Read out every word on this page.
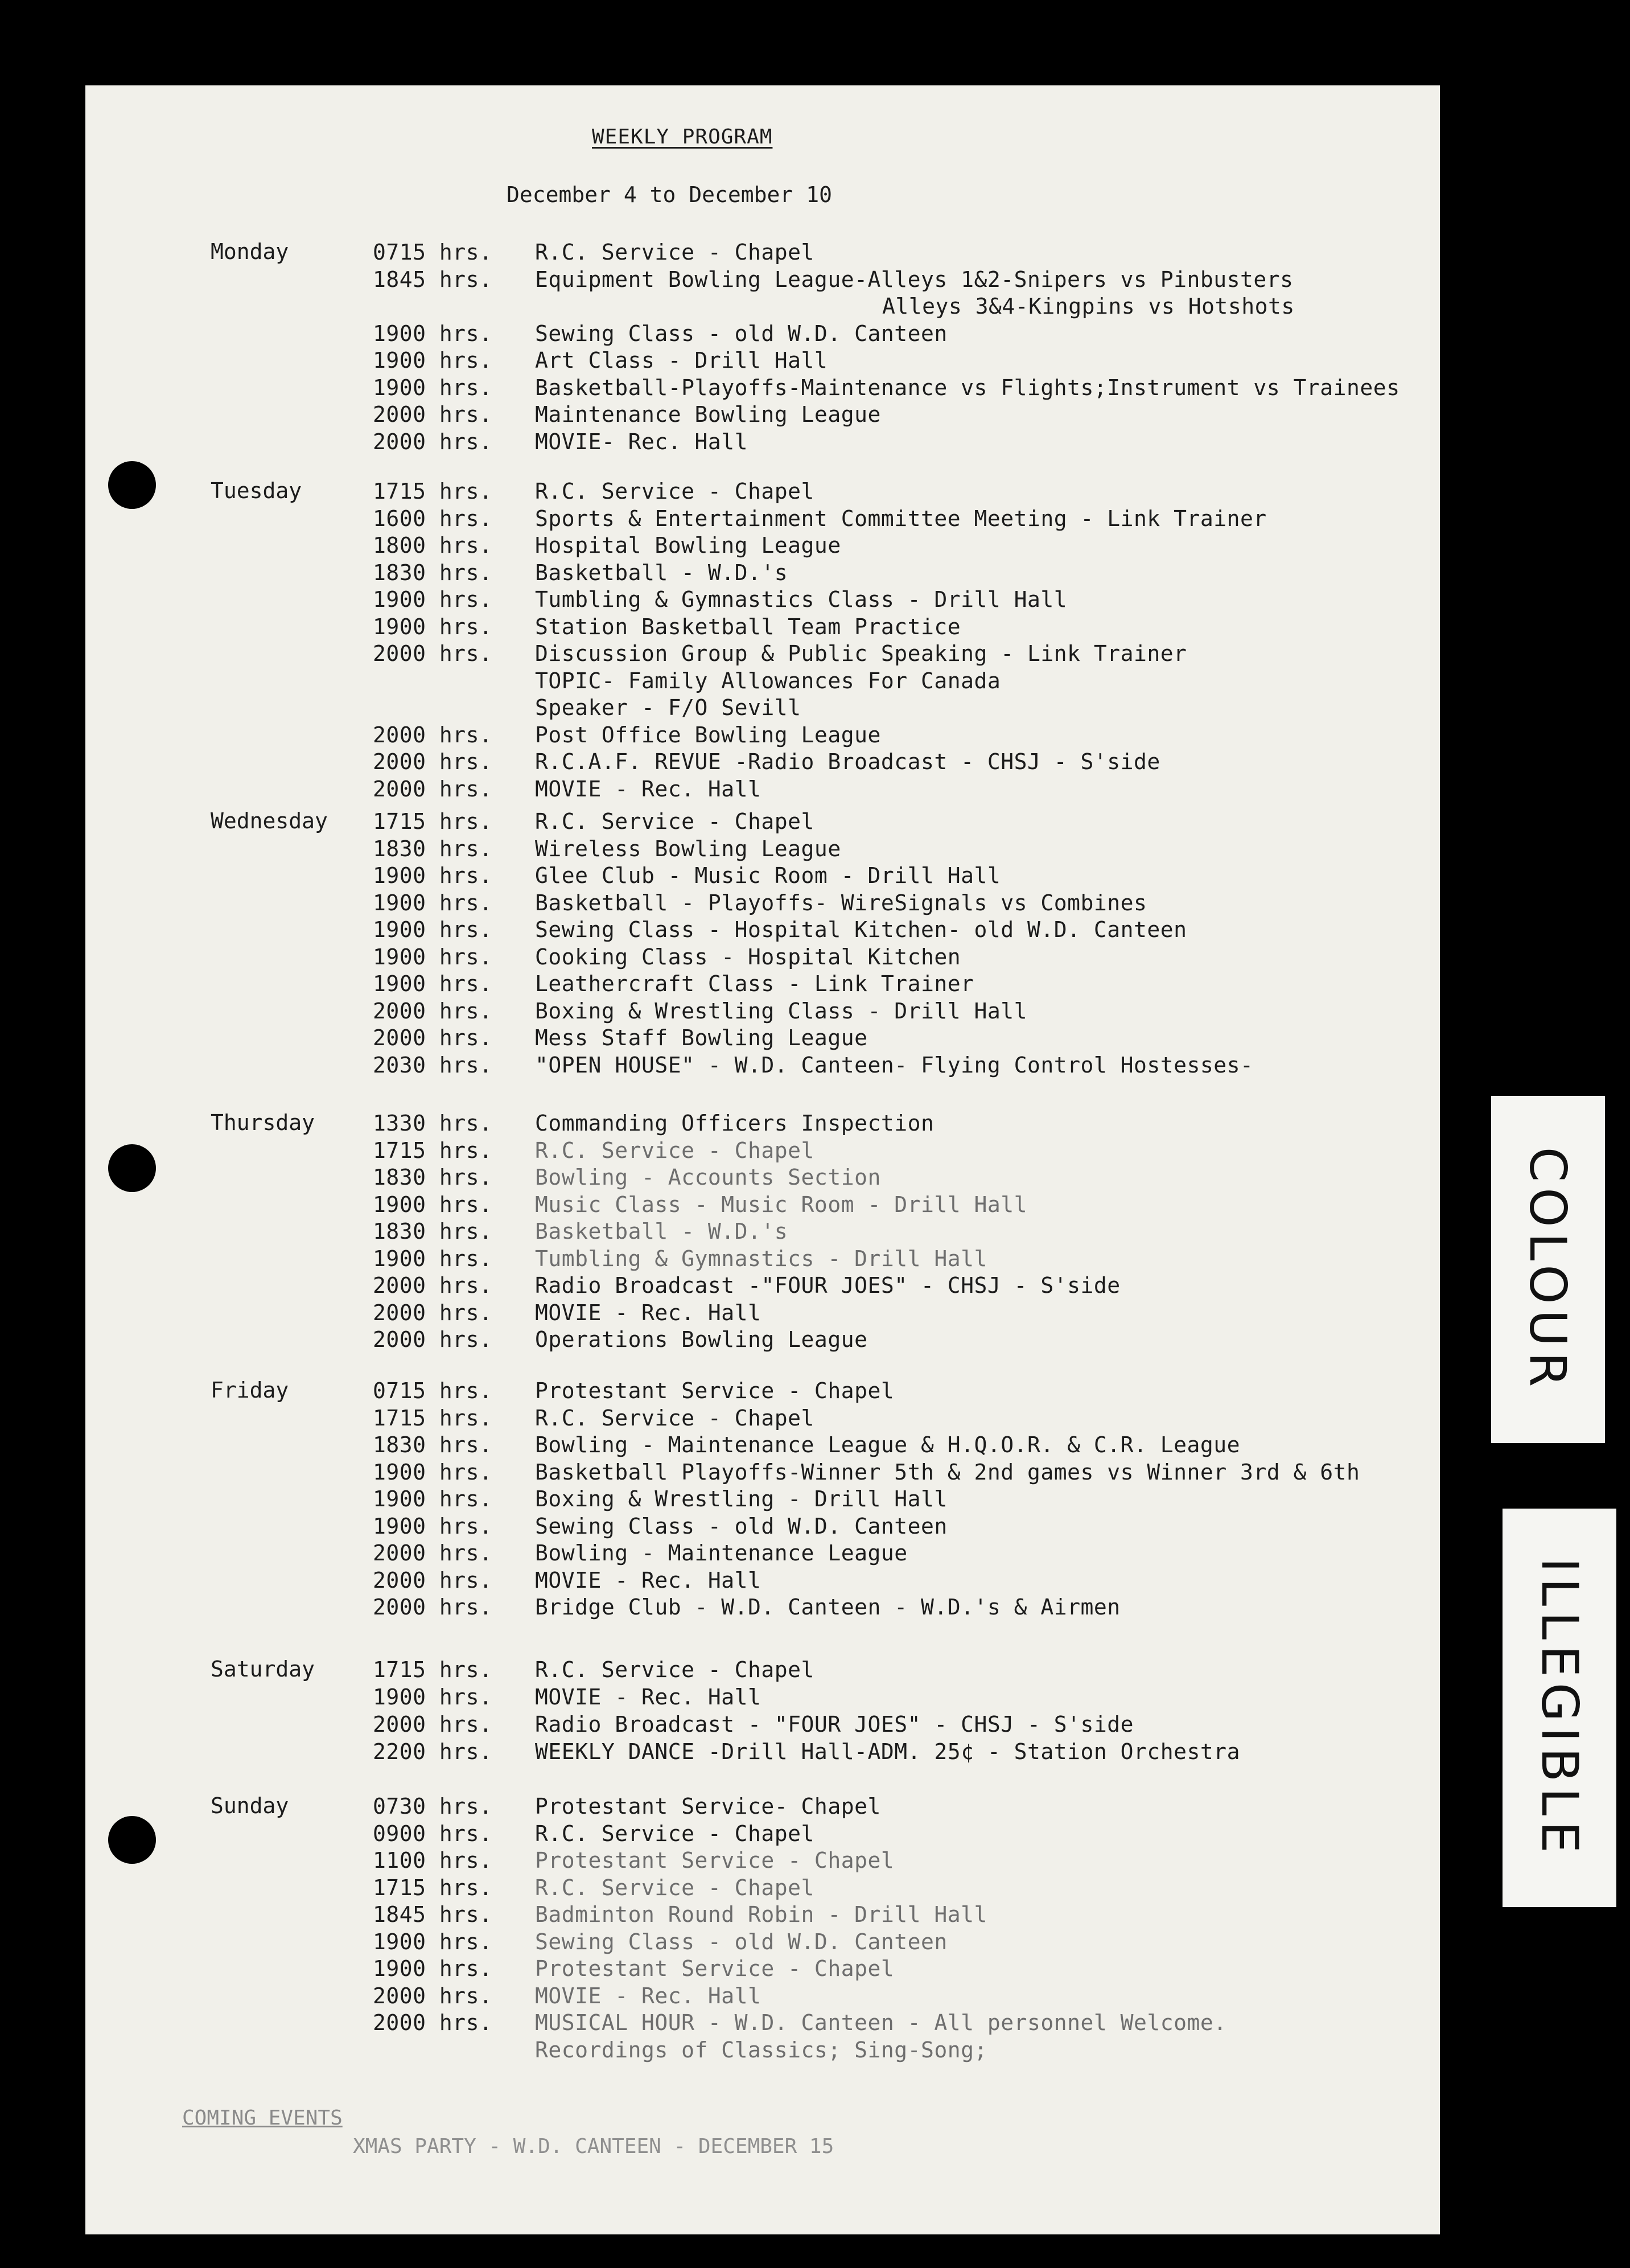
WEEKLY PROGRAM
December 4 to December 10
Monday	0715 hrs. R.C. Service - Chapel
1845 hrs. Equipment Bowling League-Alleys 1&2-Snipers vs Pinbusters
Alleys 3&4-Kingpins vs Hotshots
1900 hrs. Sewing Class - old W.D. Canteen
1900 hrs. Art Class - Drill Hall
1900 hrs. Basketball-Playoffs-Maintenance vs Flights;Instrument vs Trainees
2000 hrs. Maintenance Bowling League
2000 hrs. MOVIE- Rec. Hall
Tuesday	1715 hrs. R.C. Service - Chapel
1600 hrs. Sports & Entertainment Committee Meeting - Link Trainer
1800 hrs. Hospital Bowling League
1830 hrs. Basketball - W.D.'s
1900 hrs. Tumbling & Gymnastics Class - Drill Hall
1900 hrs. Station Basketball Team Practice
2000 hrs. Discussion Group & Public Speaking - Link Trainer
TOPIC- Family Allowances For Canada
Speaker - F/O Sevill
2000 hrs. Post Office Bowling League
2000 hrs. R.C.A.F. REVUE -Radio Broadcast - CHSJ - S'side
2000 hrs. MOVIE - Rec. Hall
Wednesday 1715 hrs. R.C. Service - Chapel
1830 hrs. Wireless Bowling League
1900 hrs. Glee Club - Music Room - Drill Hall
1900 hrs. Basketball - Playoffs- WireSignals vs Combines
1900 hrs. Sewing Class - Hospital Kitchen- old W.D. Canteen
1900 hrs. Cooking Class - Hospital Kitchen
1900 hrs. Leathercraft Class - Link Trainer
2000 hrs. Boxing & Wrestling Class - Drill Hall
2000 hrs. Mess Staff Bowling League
2030 hrs. "OPEN HOUSE" - W.D. Canteen- Flying Control Hostesses-
Thursday	1330 hrs. Commanding Officers Inspection
1715 hrs. R.C. Service - Chapel
1830 hrs. Bowling - Accounts Section
1900 hrs. Music Class - Music Room - Drill Hall
1830 hrs. Basketball - W.D.'s
1900 hrs. Tumbling & Gymnastics - Drill Hall
2000 hrs. Radio Broadcast -"FOUR JOES" - CHSJ - S'side
2000 hrs. MOVIE - Rec. Hall
2000 hrs. Operations Bowling League
Friday	0715 hrs. Protestant Service - Chapel
1715 hrs. R.C. Service - Chapel
1830 hrs. Bowling - Maintenance League & H.Q.O.R. & C.R. League
1900 hrs. Basketball Playoffs-Winner 5th & 2nd games vs Winner 3rd & 6th
1900 hrs. Boxing & Wrestling - Drill Hall
1900 hrs. Sewing Class - old W.D. Canteen
2000 hrs. Bowling - Maintenance League
2000 hrs. MOVIE - Rec. Hall
2000 hrs. Bridge Club - W.D. Canteen - W.D.'s & Airmen
Saturday	1715 hrs. R.C. Service - Chapel
1900 hrs. MOVIE - Rec. Hall
2000 hrs. Radio Broadcast - "FOUR JOES" - CHSJ - S'side
2200 hrs. WEEKLY DANCE -Drill Hall-ADM. 25¢ - Station Orchestra
Sunday	0730 hrs. Protestant Service- Chapel
0900 hrs. R.C. Service - Chapel
1100 hrs. Protestant Service - Chapel
1715 hrs. R.C. Service - Chapel
1845 hrs. Badminton Round Robin - Drill Hall
1900 hrs. Sewing Class - old W.D. Canteen
1900 hrs. Protestant Service - Chapel
2000 hrs. MOVIE - Rec. Hall
2000 hrs. MUSICAL HOUR - W.D. Canteen - All personnel Welcome.
Recordings of Classics; Sing-Song;
COMING EVENTS
XMAS PARTY - W.D. CANTEEN - DECEMBER 15
COLOUR
ILLEGIBLE
